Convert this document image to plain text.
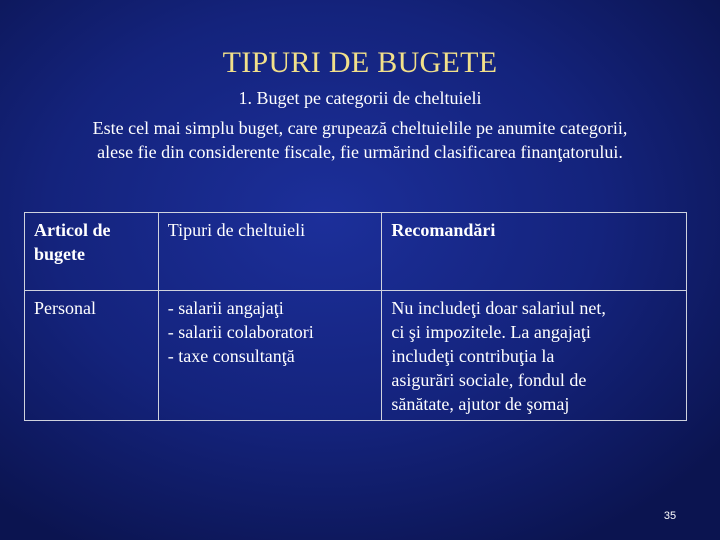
TIPURI DE BUGETE
1. Buget pe categorii de cheltuieli
Este cel mai simplu buget, care grupează cheltuielile pe anumite categorii,
alese fie din considerente fiscale, fie urmărind clasificarea finanţatorului.
Articol de
bugete	Tipuri de cheltuieli	Recomandări

Personal	- salarii angajaţi
- salarii colaboratori
- taxe consultanţă	Nu includeţi doar salariul net,
ci şi impozitele. La angajaţi
includeţi contribuţia la
asigurări sociale, fondul de
sănătate, ajutor de şomaj
35
